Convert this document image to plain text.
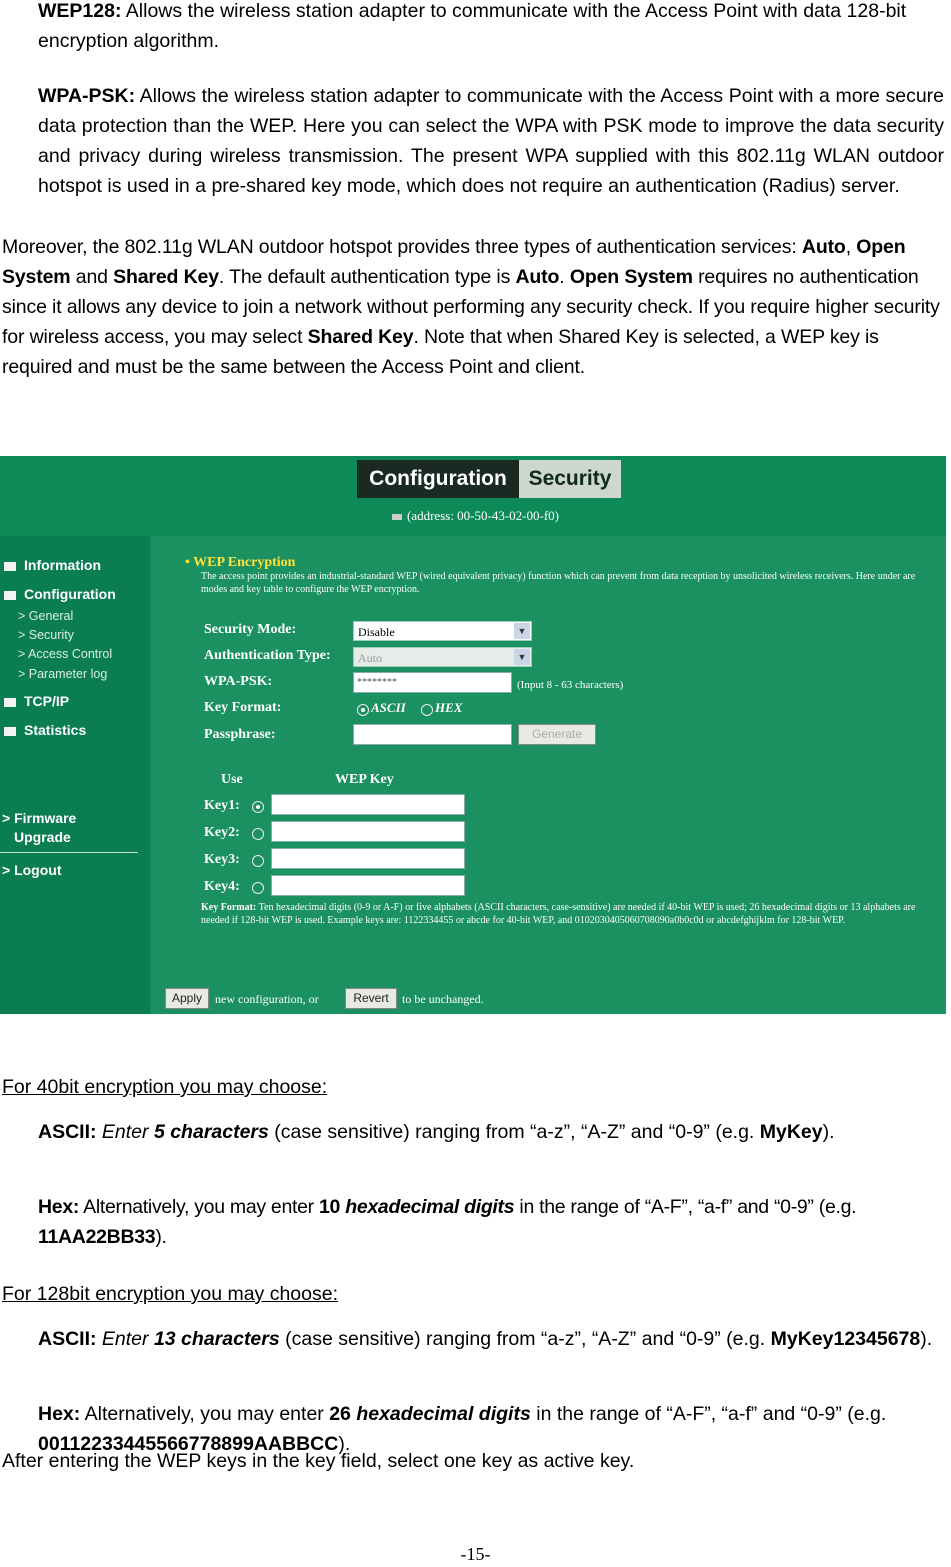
WEP128: Allows the wireless station adapter to communicate with the Access Point with data 128-bit encryption algorithm.

WPA-PSK: Allows the wireless station adapter to communicate with the Access Point with a more secure data protection than the WEP. Here you can select the WPA with PSK mode to improve the data security and privacy during wireless transmission. The present WPA supplied with this 802.11g WLAN outdoor hotspot is used in a pre-shared key mode, which does not require an authentication (Radius) server.

Moreover, the 802.11g WLAN outdoor hotspot provides three types of authentication services: Auto, Open System and Shared Key. The default authentication type is Auto. Open System requires no authentication since it allows any device to join a network without performing any security check. If you require higher security for wireless access, you may select Shared Key. Note that when Shared Key is selected, a WEP key is required and must be the same between the Access Point and client.

Configuration	Security
(address: 00-50-43-02-00-f0)
Information
Configuration
> General
> Security
> Access Control
> Parameter log
TCP/IP
Statistics
> Firmware
Upgrade
> Logout
• WEP Encryption
The access point provides an industrial-standard WEP (wired equivalent privacy) function which can prevent from data reception by unsolicited wireless receivers. Here under are modes and key table to configure the WEP encryption.
Security Mode:	Disable	▼
Authentication Type:	Auto	▼
WPA-PSK:	********	(Input 8 - 63 characters)
Key Format:	ASCII HEX
Passphrase:	Generate
Use	WEP Key
Key1:
Key2:
Key3:
Key4:
Key Format: Ten hexadecimal digits (0-9 or A-F) or five alphabets (ASCII characters, case-sensitive) are needed if 40-bit WEP is used; 26 hexadecimal digits or 13 alphabets are needed if 128-bit WEP is used. Example keys are: 1122334455 or abcde for 40-bit WEP, and 0102030405060708090a0b0c0d or abcdefghijklm for 128-bit WEP.
Apply	new configuration, or	Revert	to be unchanged.

For 40bit encryption you may choose:

ASCII: Enter 5 characters (case sensitive) ranging from “a-z”, “A-Z” and “0-9” (e.g. MyKey).

Hex: Alternatively, you may enter 10 hexadecimal digits in the range of “A-F”, “a-f” and “0-9” (e.g. 11AA22BB33).

For 128bit encryption you may choose:

ASCII: Enter 13 characters (case sensitive) ranging from “a-z”, “A-Z” and “0-9” (e.g. MyKey12345678).

Hex: Alternatively, you may enter 26 hexadecimal digits in the range of “A-F”, “a-f” and “0-9” (e.g. 00112233445566778899AABBCC).

After entering the WEP keys in the key field, select one key as active key.

-15-
